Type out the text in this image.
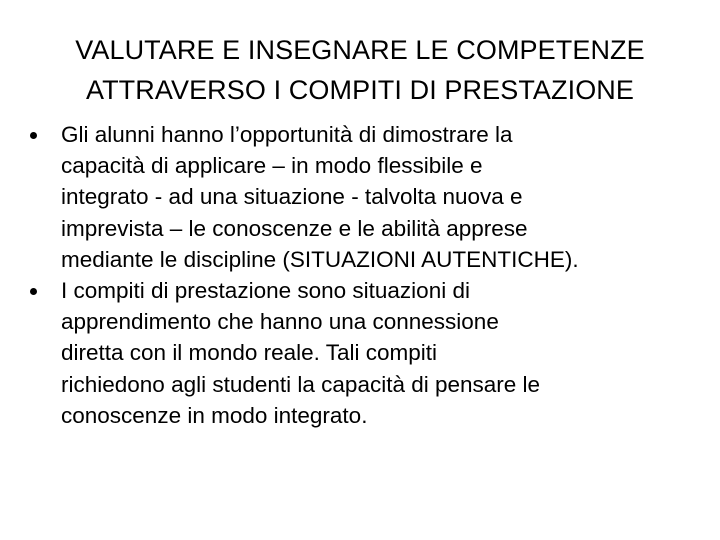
VALUTARE E INSEGNARE LE COMPETENZE
ATTRAVERSO I COMPITI DI PRESTAZIONE
Gli alunni hanno l’opportunità di dimostrare la
capacità di applicare – in modo flessibile e
integrato - ad una situazione - talvolta nuova e
imprevista – le conoscenze e le abilità apprese
mediante le discipline (SITUAZIONI AUTENTICHE).
I compiti di prestazione sono situazioni di
apprendimento che hanno una connessione
diretta con il mondo reale. Tali compiti
richiedono agli studenti la capacità di pensare le
conoscenze in modo integrato.
